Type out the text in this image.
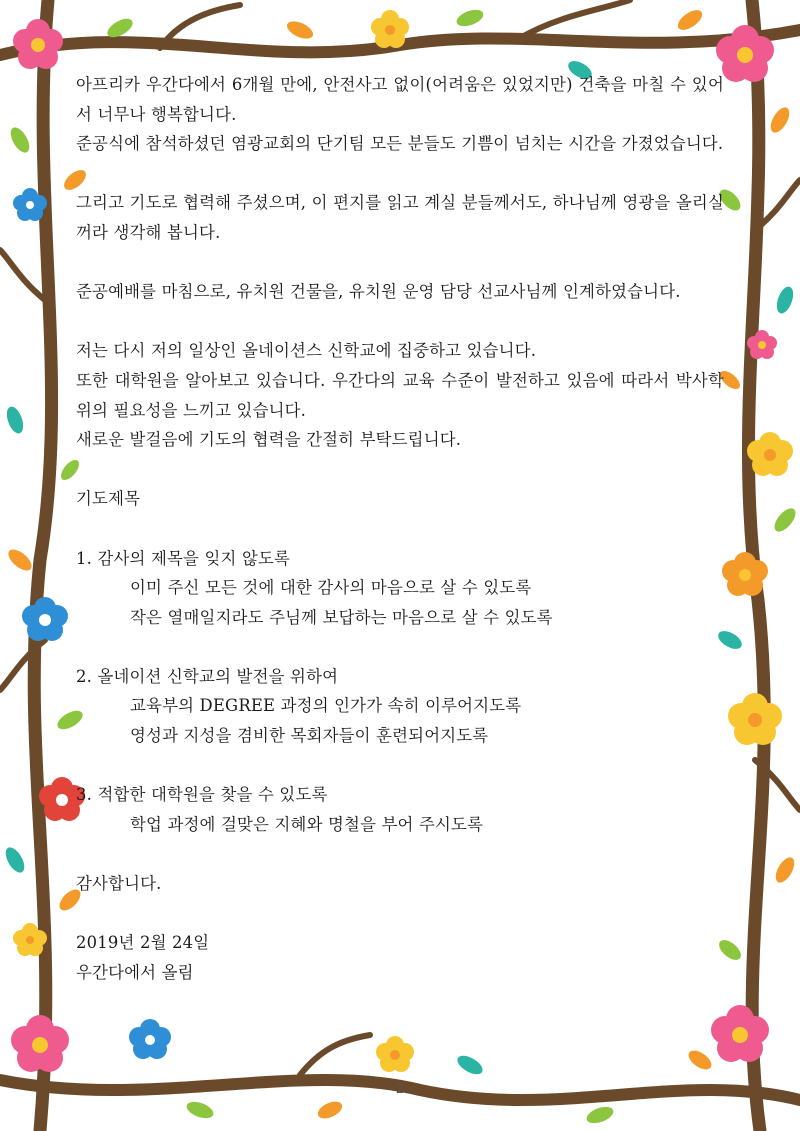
아프리카 우간다에서 6개월 만에, 안전사고 없이(어려움은 있었지만) 건축을 마칠 수 있어서 너무나 행복합니다.

준공식에 참석하셨던 염광교회의 단기팀 모든 분들도 기쁨이 넘치는 시간을 가졌었습니다.

그리고 기도로 협력해 주셨으며, 이 편지를 읽고 계실 분들께서도, 하나님께 영광을 올리실 꺼라 생각해 봅니다.

준공예배를 마침으로, 유치원 건물을, 유치원 운영 담당 선교사님께 인계하였습니다.

저는 다시 저의 일상인 올네이션스 신학교에 집중하고 있습니다.

또한 대학원을 알아보고 있습니다. 우간다의 교육 수준이 발전하고 있음에 따라서 박사학위의 필요성을 느끼고 있습니다.

새로운 발걸음에 기도의 협력을 간절히 부탁드립니다.

기도제목

1. 감사의 제목을 잊지 않도록

이미 주신 모든 것에 대한 감사의 마음으로 살 수 있도록

작은 열매일지라도 주님께 보답하는 마음으로 살 수 있도록

2. 올네이션 신학교의 발전을 위하여

교육부의 DEGREE 과정의 인가가 속히 이루어지도록

영성과 지성을 겸비한 목회자들이 훈련되어지도록

3. 적합한 대학원을 찾을 수 있도록

학업 과정에 걸맞은 지혜와 명철을 부어 주시도록

감사합니다.

2019년 2월 24일

우간다에서 올림

- 2 -
